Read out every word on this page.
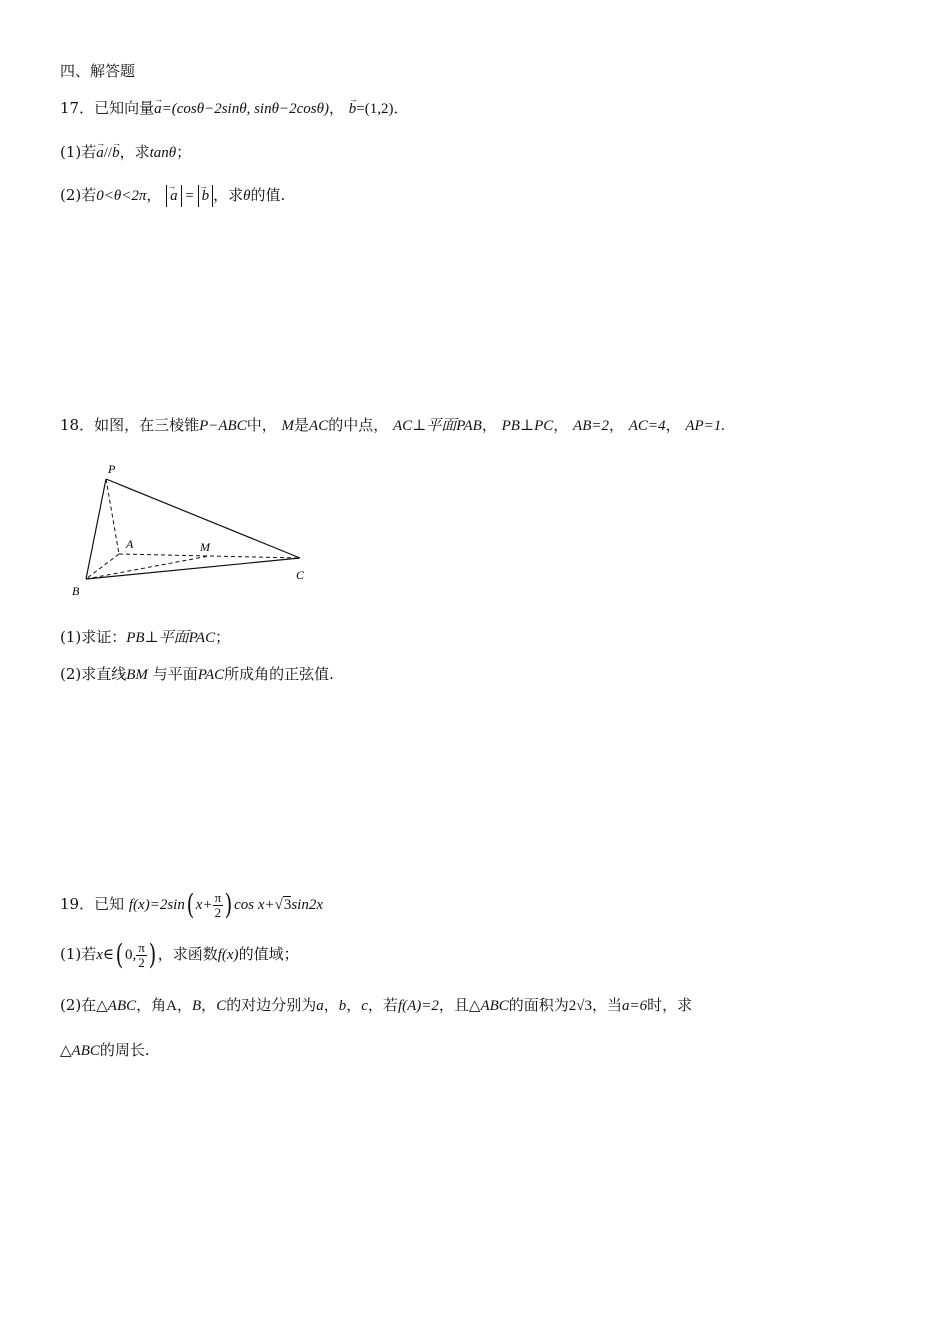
四、解答题
17．已知向量→ a=(cosθ−2sinθ, sinθ−2cosθ)， → b=(1,2)．
(1)若→ a//→ b，求tanθ；
(2)若0<θ<2π， → a = → b ，求θ的值.
18．如图，在三棱锥P−ABC中， M是AC的中点， AC⊥平面PAB， PB⊥PC， AB=2， AC=4， AP=1.
P
A	M
B
C
(1)求证：PB⊥平面PAC；
(2)求直线BM 与平面PAC所成角的正弦值.
19．已知 f(x)=2sin( $x+ \frac{\pi}{2}$ ) cos x+√3sin2x
(1)若x∈( 0, $\frac{\pi}{2}$ ) ，求函数f(x)的值域；
(2)在△ABC，角A，B，C的对边分别为a，b，c，若f(A)=2，且△ABC的面积为2√3，当a=6时，求
△ABC的周长.
